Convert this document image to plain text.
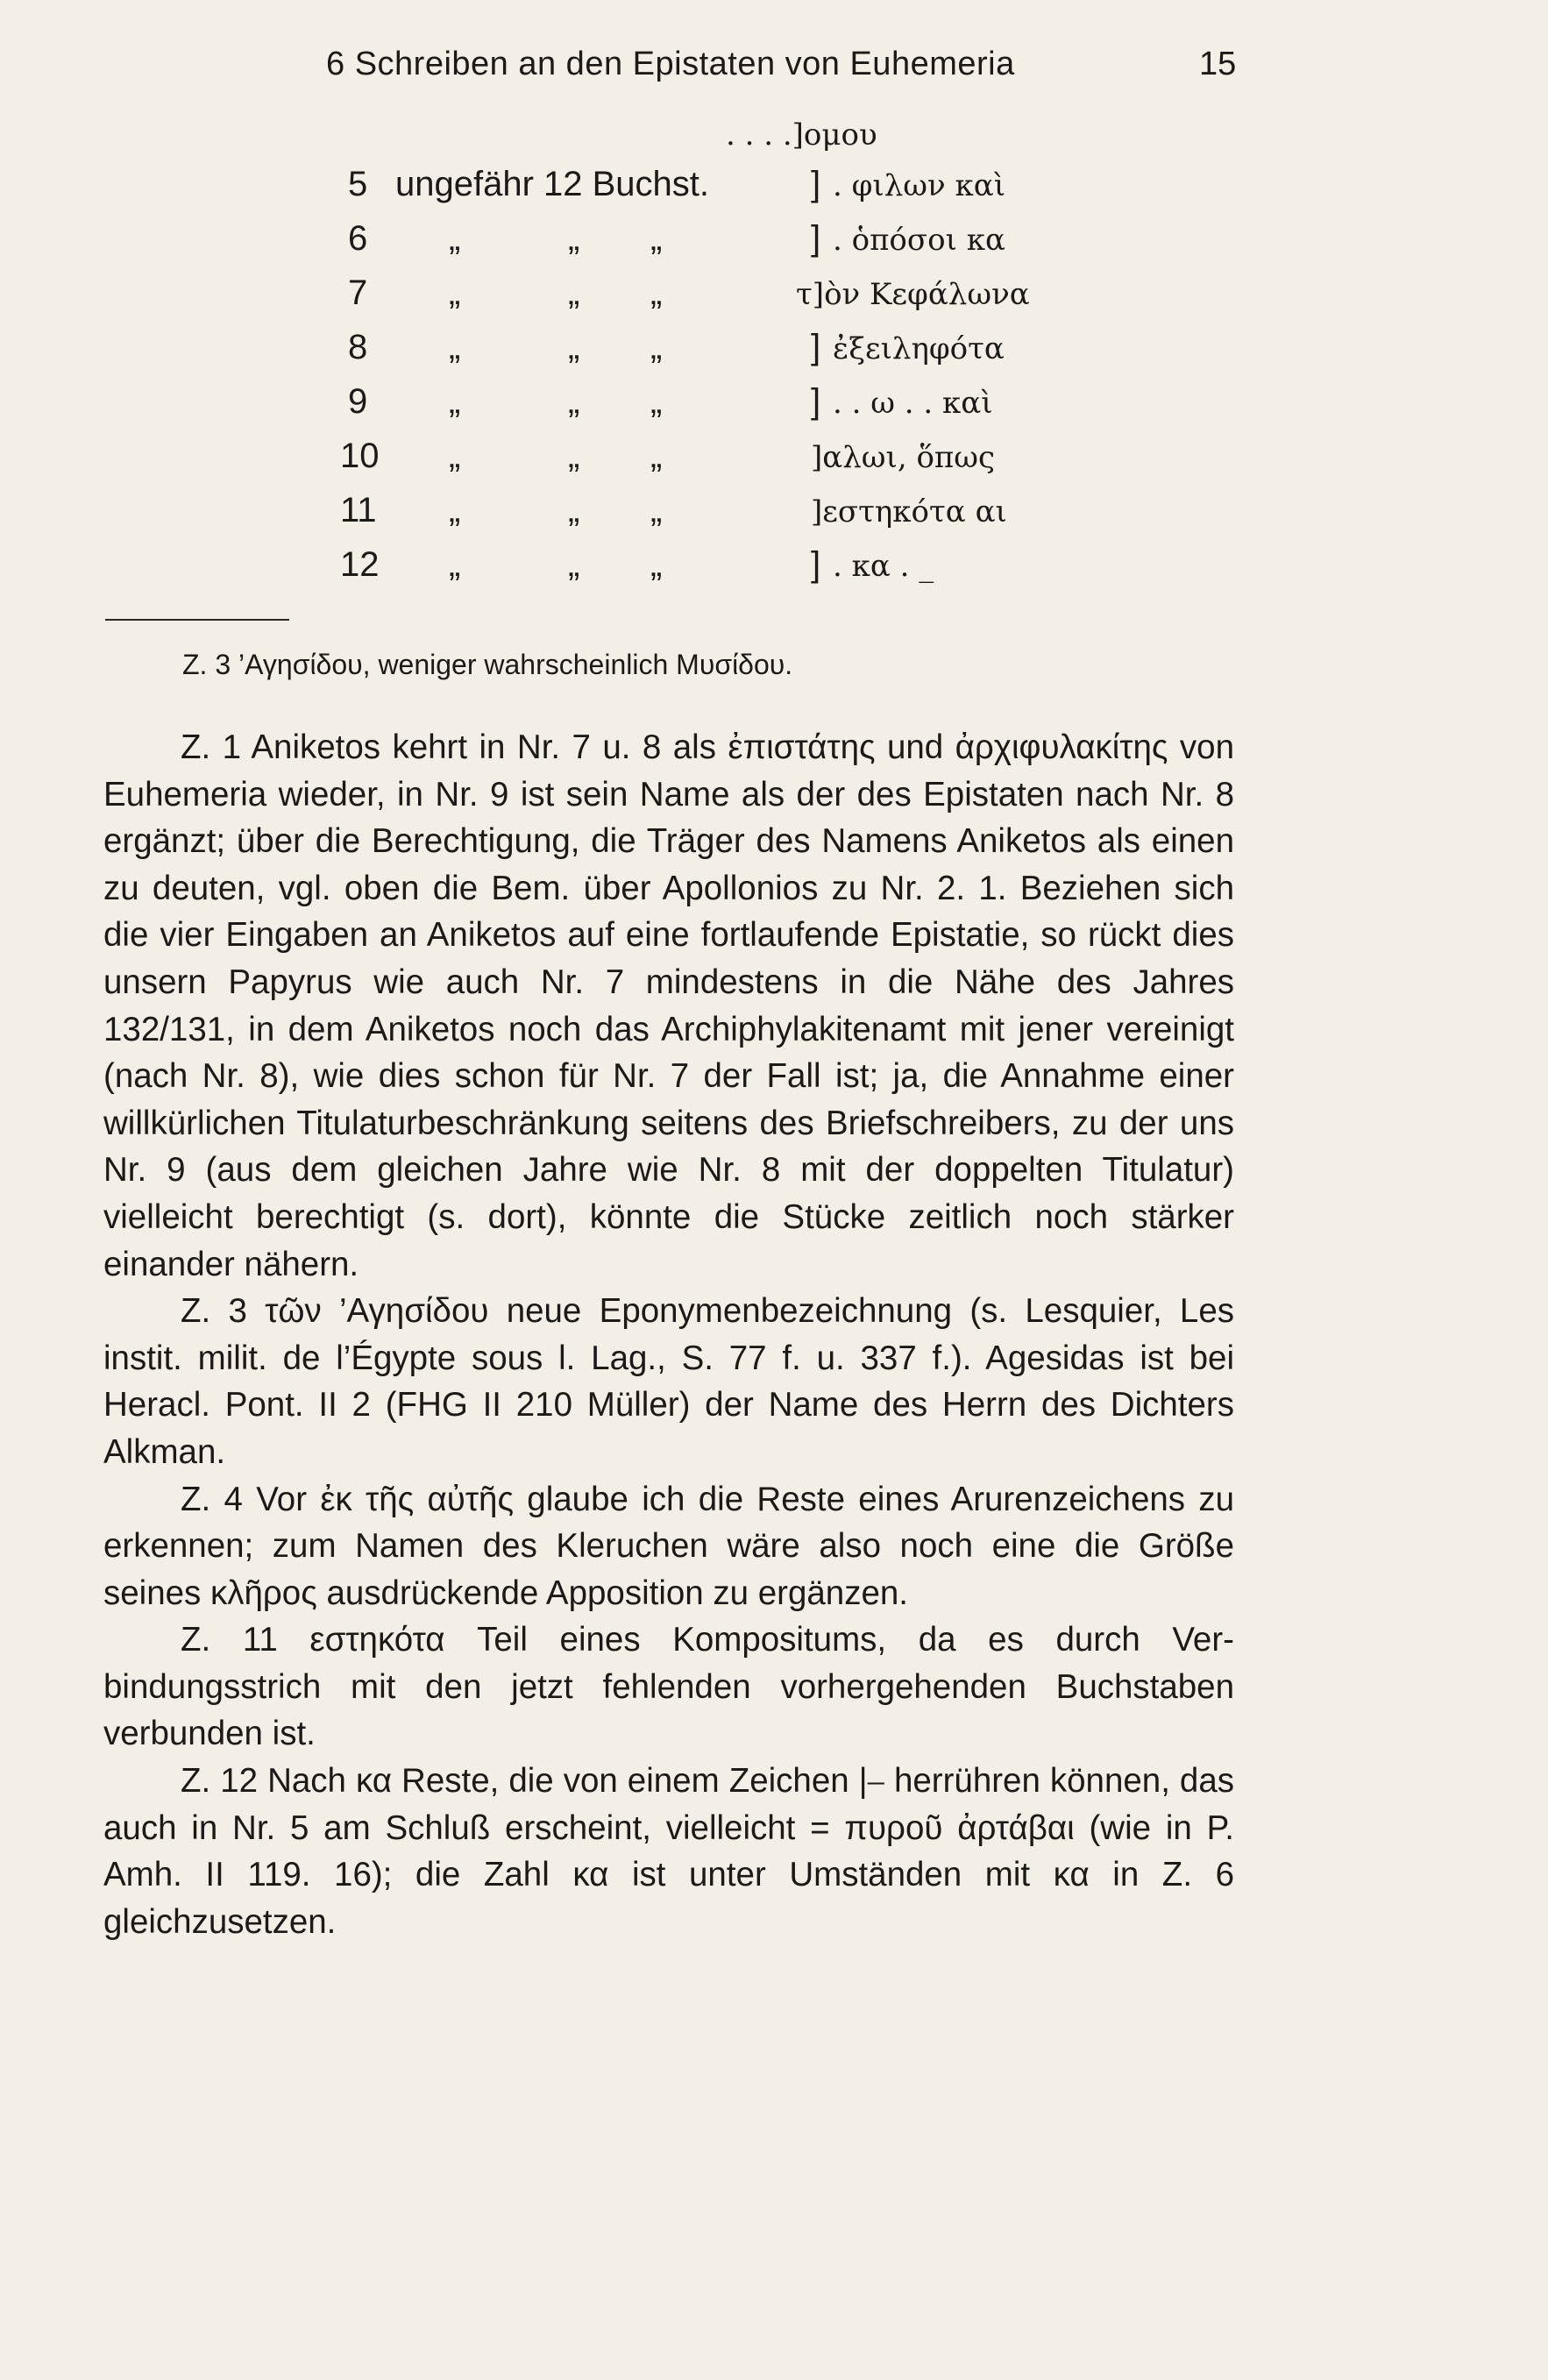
6 Schreiben an den Epistaten von Euhemeria	15
. . . .]ομου
5 ungefähr 12 Buchst.	] . φιλων καὶ
6 „	„ „	] . ὁπόσοι κα
7 „	„ „	τ]ὸν Κεφάλωνα
8 „	„ „	] ἐξειληφότα
9 „	„ „	] . . ω . . καὶ
10 „	„ „	]αλωι, ὅπως
11 „	„ „	]εστηκότα αι
12 „	„ „	] . κα . _
Z. 3 ’Αγησίδου, weniger wahrscheinlich Μυσίδου.

Z. 1 Aniketos kehrt in Nr. 7 u. 8 als ἐπιστάτης und ἀρχιφυλακίτης von Euhemeria wieder, in Nr. 9 ist sein Name als der des Epistaten nach Nr. 8 ergänzt; über die Berechtigung, die Träger des Namens Aniketos als einen zu deuten, vgl. oben die Bem. über Apollonios zu Nr. 2. 1. Beziehen sich die vier Eingaben an Aniketos auf eine fortlaufende Epistatie, so rückt dies unsern Papyrus wie auch Nr. 7 mindestens in die Nähe des Jahres 132/131, in dem Aniketos noch das Archiphylakitenamt mit jener vereinigt (nach Nr. 8), wie dies schon für Nr. 7 der Fall ist; ja, die Annahme einer willkürlichen Titulaturbeschränkung seitens des Briefschreibers, zu der uns Nr. 9 (aus dem gleichen Jahre wie Nr. 8 mit der doppelten Titulatur) vielleicht berechtigt (s. dort), könnte die Stücke zeitlich noch stärker einander nähern.

Z. 3 τῶν ’Αγησίδου neue Eponymenbezeichnung (s. Lesquier, Les instit. milit. de l’Égypte sous l. Lag., S. 77 f. u. 337 f.). Agesidas ist bei Heracl. Pont. II 2 (FHG II 210 Müller) der Name des Herrn des Dichters Alkman.

Z. 4 Vor ἐκ τῆς αὐτῆς glaube ich die Reste eines Arurenzeichens zu erkennen; zum Namen des Kleruchen wäre also noch eine die Größe seines κλῆρος ausdrückende Apposition zu ergänzen.

Z. 11 εστηκότα Teil eines Kompositums, da es durch Verbindungsstrich mit den jetzt fehlenden vorhergehenden Buchstaben verbunden ist.

Z. 12 Nach κα Reste, die von einem Zeichen |⎯ herrühren können, das auch in Nr. 5 am Schluß erscheint, vielleicht = πυροῦ ἀρτάβαι (wie in P. Amh. II 119. 16); die Zahl κα ist unter Umständen mit κα in Z. 6 gleichzusetzen.
